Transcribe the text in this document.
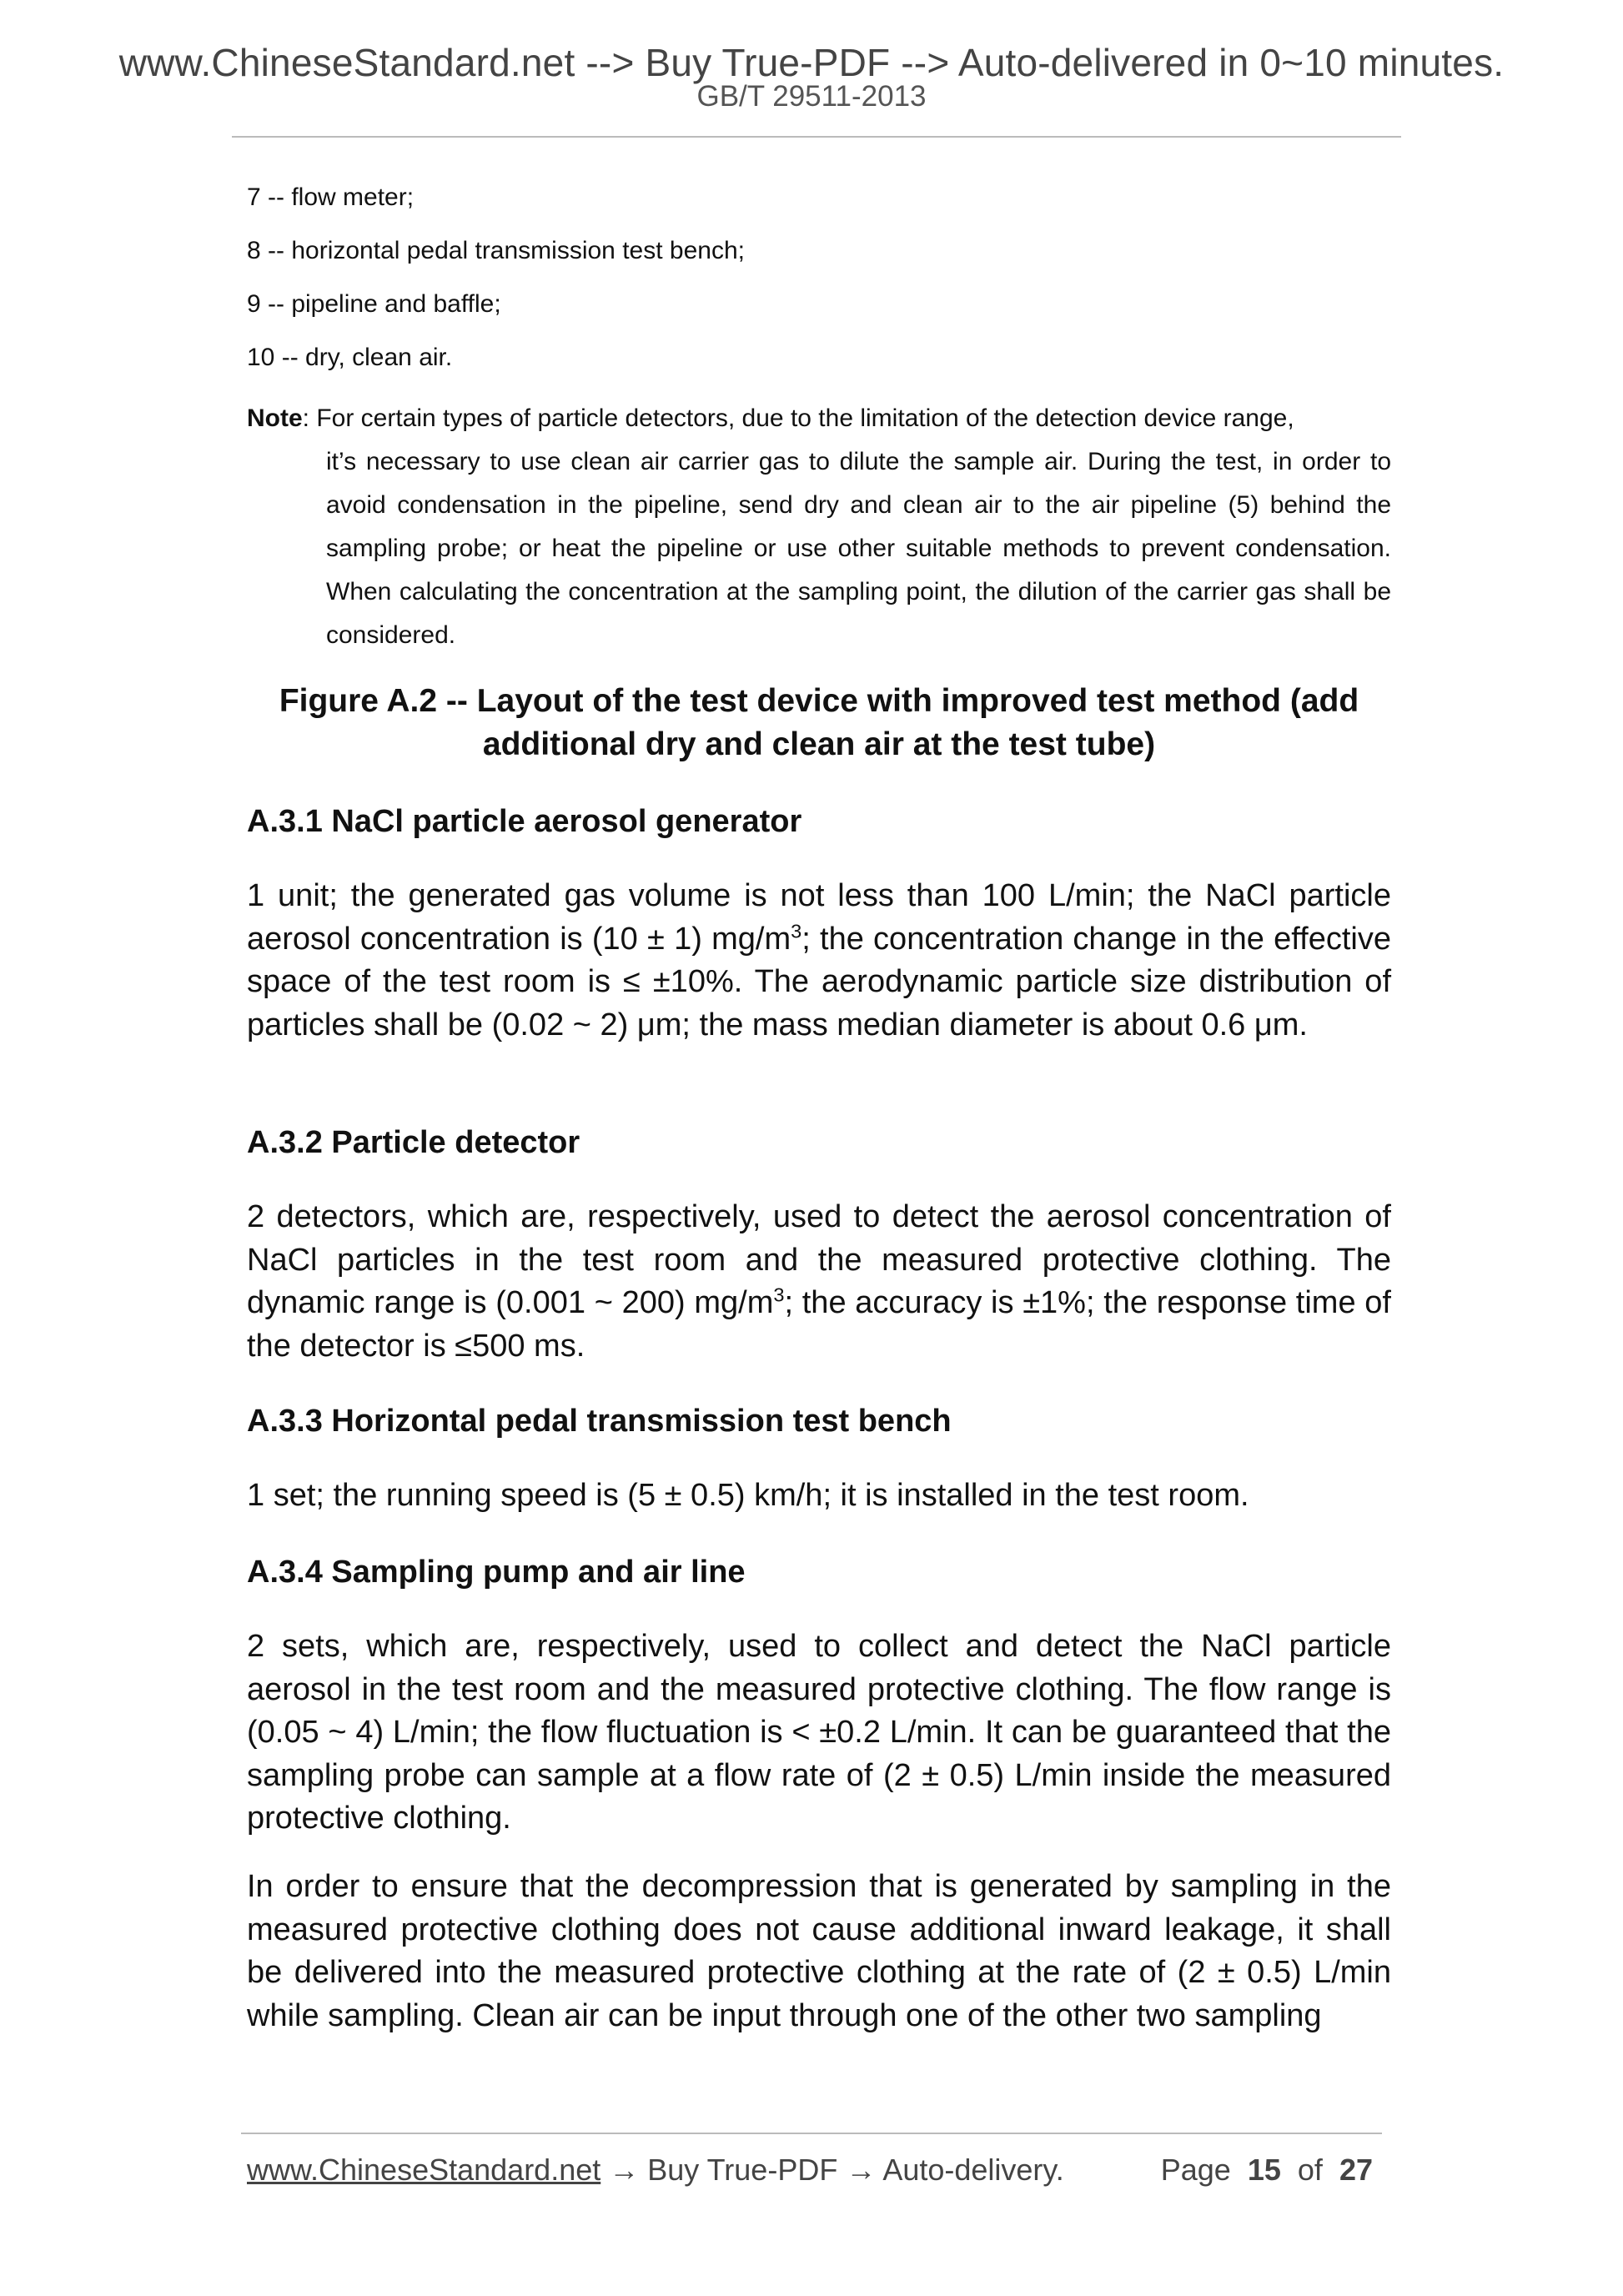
www.ChineseStandard.net --> Buy True-PDF --> Auto-delivered in 0~10 minutes.
GB/T 29511-2013
7 -- flow meter;
8 -- horizontal pedal transmission test bench;
9 -- pipeline and baffle;
10 -- dry, clean air.
Note: For certain types of particle detectors, due to the limitation of the detection device range,
it’s necessary to use clean air carrier gas to dilute the sample air. During the test, in order to avoid condensation in the pipeline, send dry and clean air to the air pipeline (5) behind the sampling probe; or heat the pipeline or use other suitable methods to prevent condensation. When calculating the concentration at the sampling point, the dilution of the carrier gas shall be considered.
Figure A.2 -- Layout of the test device with improved test method (add
additional dry and clean air at the test tube)
A.3.1 NaCl particle aerosol generator
1 unit; the generated gas volume is not less than 100 L/min; the NaCl particle aerosol concentration is (10 ± 1) $mg/m^3$; the concentration change in the effective space of the test room is ≤ ±10%. The aerodynamic particle size distribution of particles shall be (0.02 ~ 2) μm; the mass median diameter is about 0.6 μm.
A.3.2 Particle detector
2 detectors, which are, respectively, used to detect the aerosol concentration of NaCl particles in the test room and the measured protective clothing. The dynamic range is (0.001 ~ 200) $mg/m^3$; the accuracy is ±1%; the response time of the detector is ≤500 ms.
A.3.3 Horizontal pedal transmission test bench
1 set; the running speed is (5 ± 0.5) km/h; it is installed in the test room.
A.3.4 Sampling pump and air line
2 sets, which are, respectively, used to collect and detect the NaCl particle aerosol in the test room and the measured protective clothing. The flow range is (0.05 ~ 4) L/min; the flow fluctuation is < ±0.2 L/min. It can be guaranteed that the sampling probe can sample at a flow rate of (2 ± 0.5) L/min inside the measured protective clothing.
In order to ensure that the decompression that is generated by sampling in the measured protective clothing does not cause additional inward leakage, it shall be delivered into the measured protective clothing at the rate of (2 ± 0.5) L/min while sampling. Clean air can be input through one of the other two sampling
www.ChineseStandard.net → Buy True-PDF → Auto-delivery.	Page 15 of 27
